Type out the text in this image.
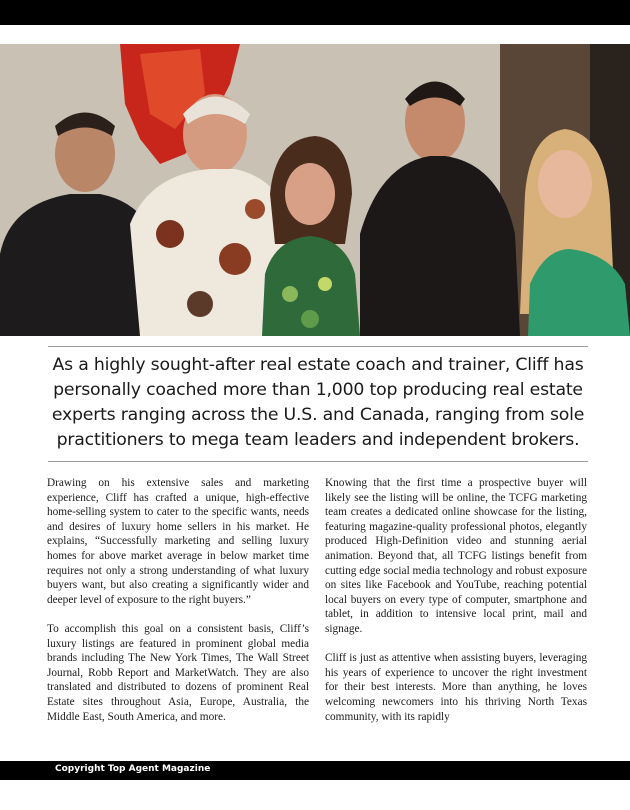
As a highly sought-after real estate coach and trainer, Cliff has personally coached more than 1,000 top producing real estate experts ranging across the U.S. and Canada, ranging from sole practitioners to mega team leaders and independent brokers.

Drawing on his extensive sales and marketing experience, Cliff has crafted a unique, high-effective home-selling system to cater to the specific wants, needs and desires of luxury home sellers in his market. He explains, “Successfully marketing and selling luxury homes for above market average in below market time requires not only a strong understanding of what luxury buyers want, but also creating a significantly wider and deeper level of exposure to the right buyers.”

To accomplish this goal on a consistent basis, Cliff’s luxury listings are featured in prominent global media brands including The New York Times, The Wall Street Journal, Robb Report and MarketWatch. They are also translated and distributed to dozens of prominent Real Estate sites throughout Asia, Europe, Australia, the Middle East, South America, and more.

Knowing that the first time a prospective buyer will likely see the listing will be online, the TCFG marketing team creates a dedicated online showcase for the listing, featuring magazine-quality professional photos, elegantly produced High-Definition video and stunning aerial animation. Beyond that, all TCFG listings benefit from cutting edge social media technology and robust exposure on sites like Facebook and YouTube, reaching potential local buyers on every type of computer, smartphone and tablet, in addition to intensive local print, mail and signage.

Cliff is just as attentive when assisting buyers, leveraging his years of experience to uncover the right investment for their best interests. More than anything, he loves welcoming newcomers into his thriving North Texas community, with its rapidly

Copyright Top Agent Magazine
